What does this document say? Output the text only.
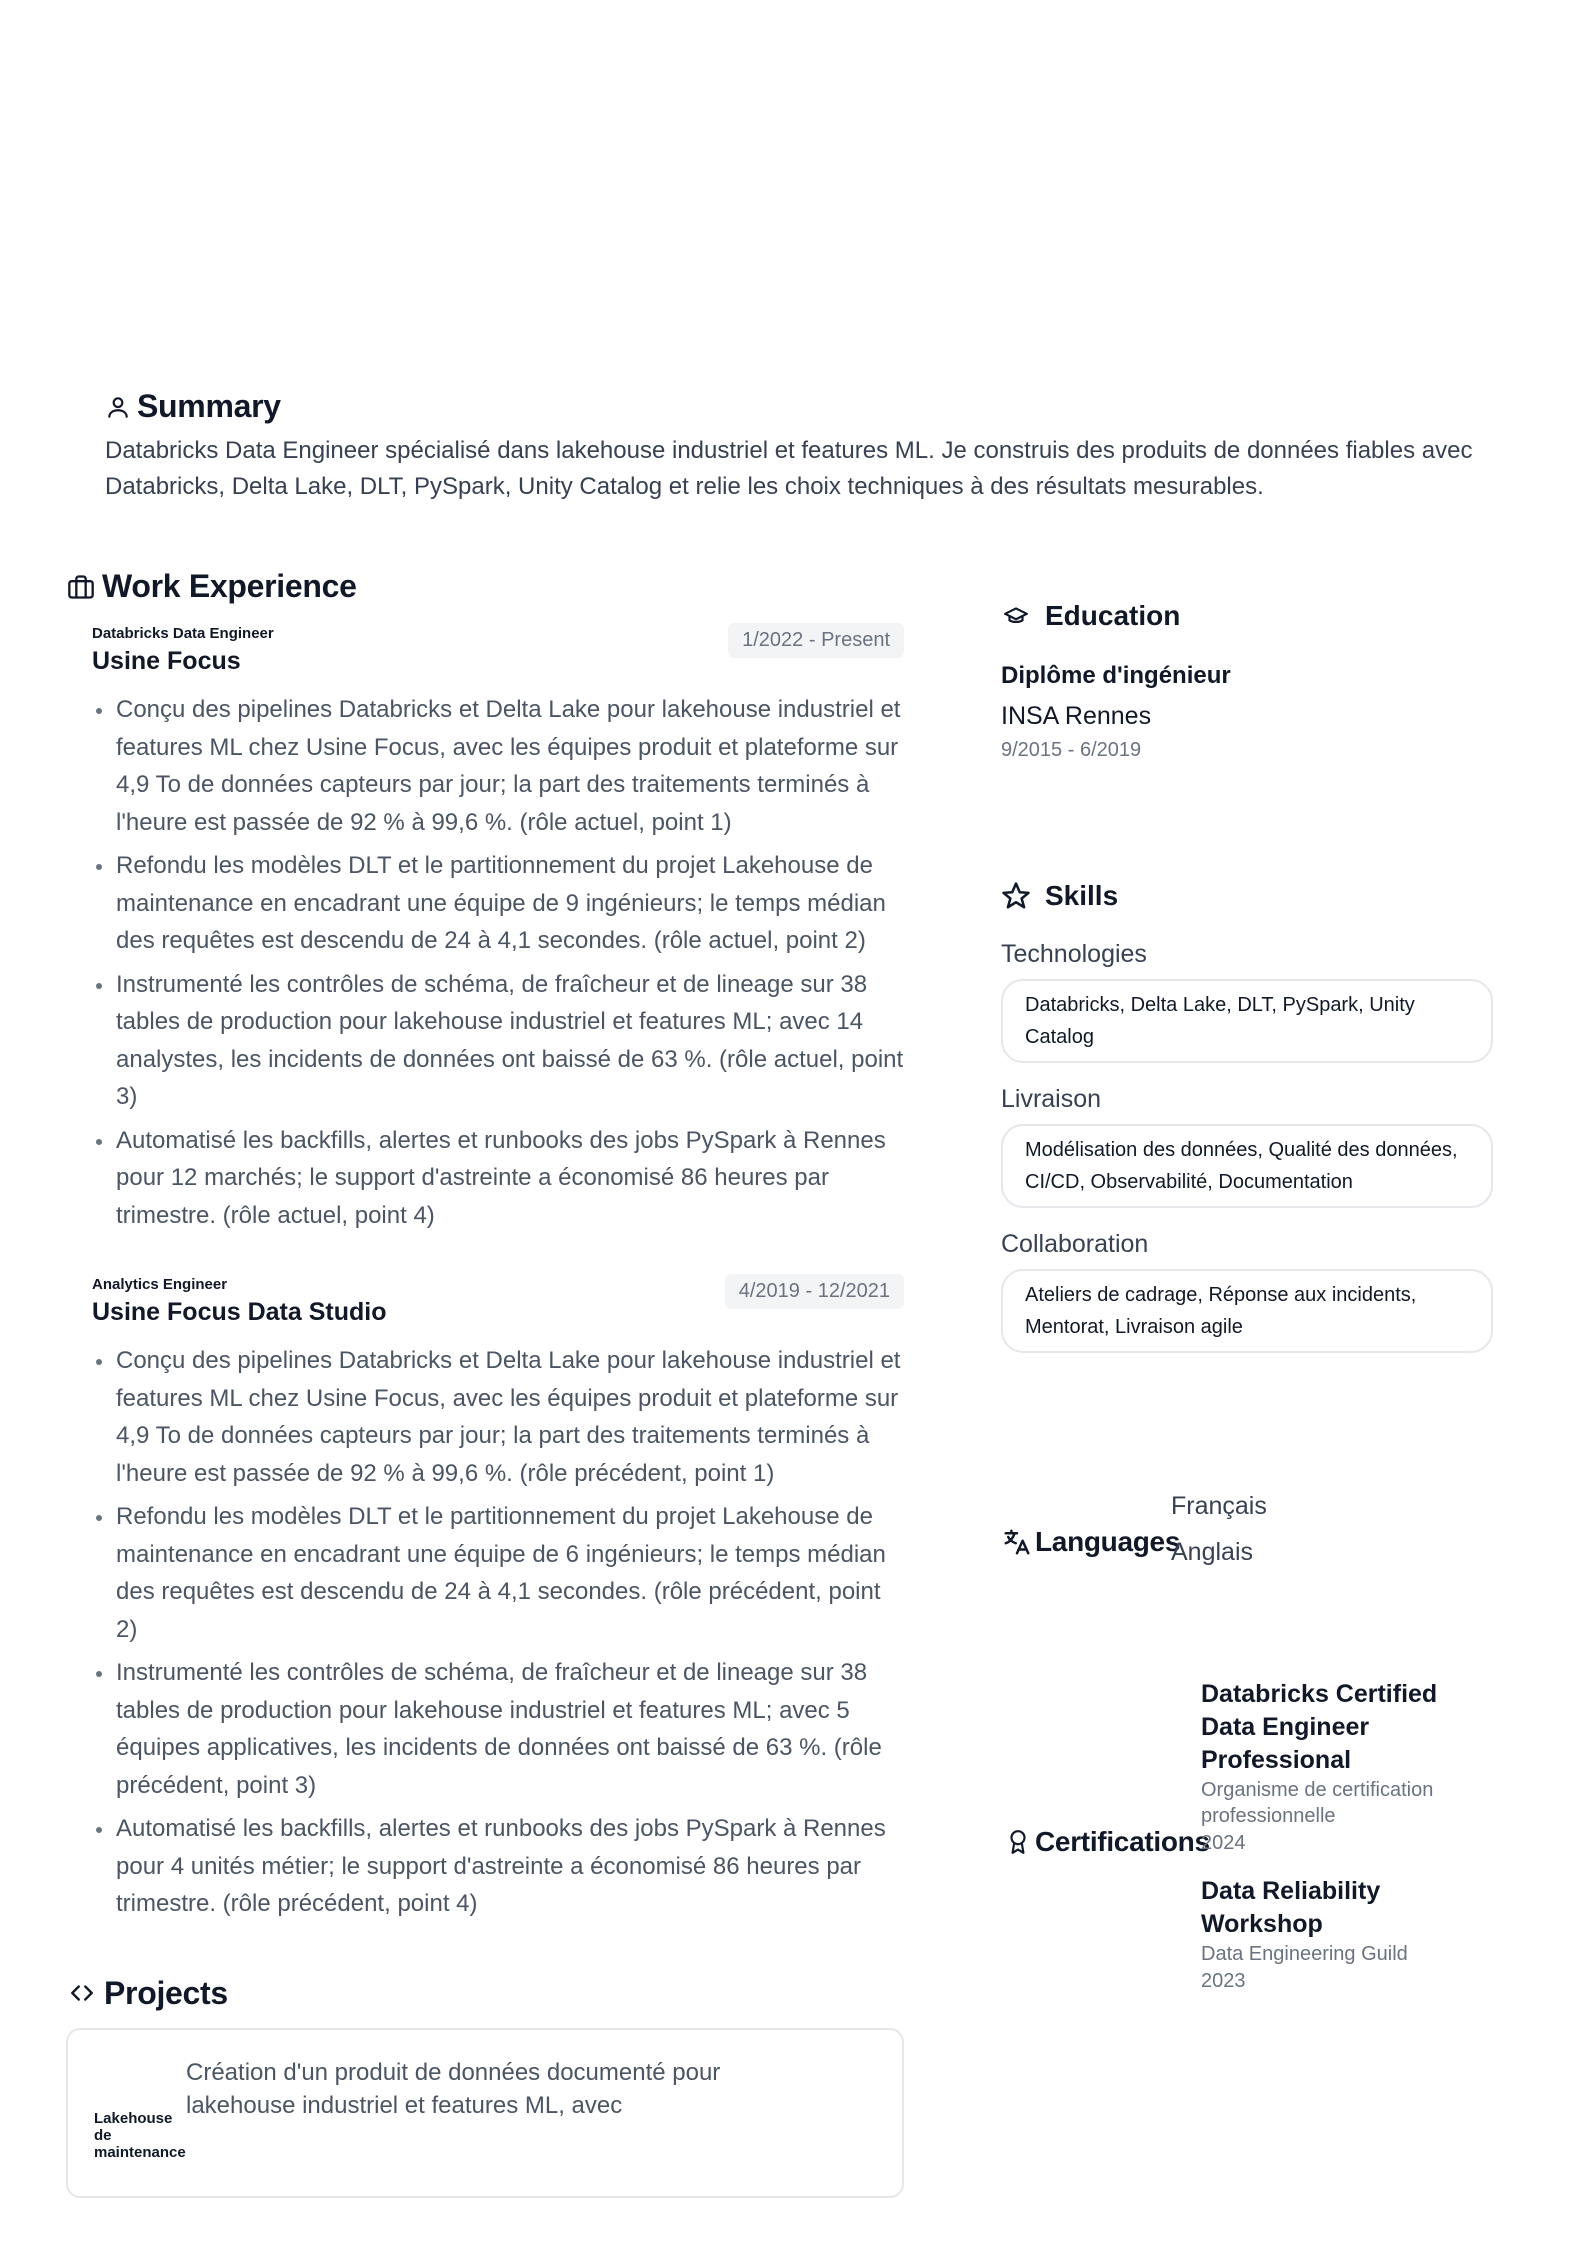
Summary

Databricks Data Engineer spécialisé dans lakehouse industriel et features ML. Je construis des produits de données fiables avec Databricks, Delta Lake, DLT, PySpark, Unity Catalog et relie les choix techniques à des résultats mesurables.

Work Experience
Databricks Data Engineer
Usine Focus
1/2022 - Present
Conçu des pipelines Databricks et Delta Lake pour lakehouse industriel et features ML chez Usine Focus, avec les équipes produit et plateforme sur 4,9 To de données capteurs par jour; la part des traitements terminés à l'heure est passée de 92 % à 99,6 %. (rôle actuel, point 1)
Refondu les modèles DLT et le partitionnement du projet Lakehouse de maintenance en encadrant une équipe de 9 ingénieurs; le temps médian des requêtes est descendu de 24 à 4,1 secondes. (rôle actuel, point 2)
Instrumenté les contrôles de schéma, de fraîcheur et de lineage sur 38 tables de production pour lakehouse industriel et features ML; avec 14 analystes, les incidents de données ont baissé de 63 %. (rôle actuel, point 3)
Automatisé les backfills, alertes et runbooks des jobs PySpark à Rennes pour 12 marchés; le support d'astreinte a économisé 86 heures par trimestre. (rôle actuel, point 4)
Analytics Engineer
Usine Focus Data Studio
4/2019 - 12/2021
Conçu des pipelines Databricks et Delta Lake pour lakehouse industriel et features ML chez Usine Focus, avec les équipes produit et plateforme sur 4,9 To de données capteurs par jour; la part des traitements terminés à l'heure est passée de 92 % à 99,6 %. (rôle précédent, point 1)
Refondu les modèles DLT et le partitionnement du projet Lakehouse de maintenance en encadrant une équipe de 6 ingénieurs; le temps médian des requêtes est descendu de 24 à 4,1 secondes. (rôle précédent, point 2)
Instrumenté les contrôles de schéma, de fraîcheur et de lineage sur 38 tables de production pour lakehouse industriel et features ML; avec 5 équipes applicatives, les incidents de données ont baissé de 63 %. (rôle précédent, point 3)
Automatisé les backfills, alertes et runbooks des jobs PySpark à Rennes pour 4 unités métier; le support d'astreinte a économisé 86 heures par trimestre. (rôle précédent, point 4)
Projects
Lakehouse de maintenance
Création d'un produit de données documenté pour lakehouse industriel et features ML, avec
Education
Diplôme d'ingénieur
INSA Rennes
9/2015 - 6/2019
Skills
Technologies
Databricks, Delta Lake, DLT, PySpark, Unity Catalog
Livraison
Modélisation des données, Qualité des données, CI/CD, Observabilité, Documentation
Collaboration
Ateliers de cadrage, Réponse aux incidents, Mentorat, Livraison agile
Languages
Français
Anglais
Certifications
Databricks Certified Data Engineer Professional
Organisme de certification professionnelle
2024
Data Reliability Workshop
Data Engineering Guild
2023
